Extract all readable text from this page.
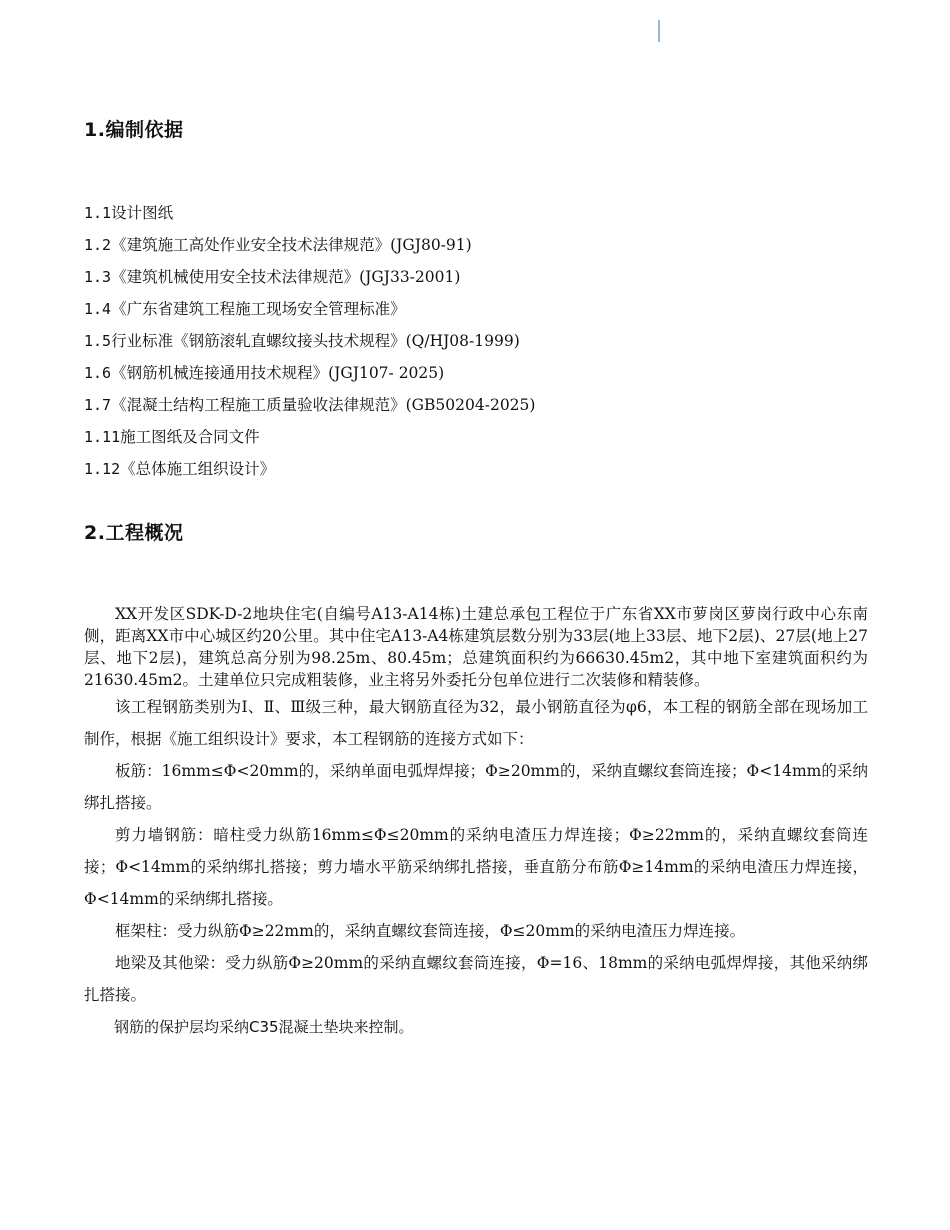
1.编制依据
1.1设计图纸
1.2《建筑施工高处作业安全技术法律规范》(JGJ80-91)
1.3《建筑机械使用安全技术法律规范》(JGJ33-2001)
1.4《广东省建筑工程施工现场安全管理标准》
1.5行业标准《钢筋滚轧直螺纹接头技术规程》(Q/HJ08-1999)
1.6《钢筋机械连接通用技术规程》(JGJ107- 2025)
1.7《混凝土结构工程施工质量验收法律规范》(GB50204-2025)
1.11施工图纸及合同文件
1.12《总体施工组织设计》
2.工程概况

XX开发区SDK-D-2地块住宅(自编号A13-A14栋)土建总承包工程位于广东省XX市萝岗区萝岗行政中心东南侧，距离XX市中心城区约20公里。其中住宅A13-A4栋建筑层数分别为33层(地上33层、地下2层)、27层(地上27层、地下2层)，建筑总高分别为98.25m、80.45m；总建筑面积约为66630.45m2，其中地下室建筑面积约为21630.45m2。土建单位只完成粗装修，业主将另外委托分包单位进行二次装修和精装修。

该工程钢筋类别为Ⅰ、Ⅱ、Ⅲ级三种，最大钢筋直径为32，最小钢筋直径为φ6，本工程的钢筋全部在现场加工制作，根据《施工组织设计》要求，本工程钢筋的连接方式如下：

板筋：16mm≤Φ<20mm的，采纳单面电弧焊焊接；Φ≥20mm的，采纳直螺纹套筒连接；Φ<14mm的采纳绑扎搭接。

剪力墙钢筋：暗柱受力纵筋16mm≤Φ≤20mm的采纳电渣压力焊连接；Φ≥22mm的，采纳直螺纹套筒连接；Φ<14mm的采纳绑扎搭接；剪力墙水平筋采纳绑扎搭接，垂直筋分布筋Φ≥14mm的采纳电渣压力焊连接，Φ<14mm的采纳绑扎搭接。

框架柱：受力纵筋Φ≥22mm的，采纳直螺纹套筒连接，Φ≤20mm的采纳电渣压力焊连接。

地梁及其他梁：受力纵筋Φ≥20mm的采纳直螺纹套筒连接，Φ=16、18mm的采纳电弧焊焊接，其他采纳绑扎搭接。

钢筋的保护层均采纳C35混凝土垫块来控制。
